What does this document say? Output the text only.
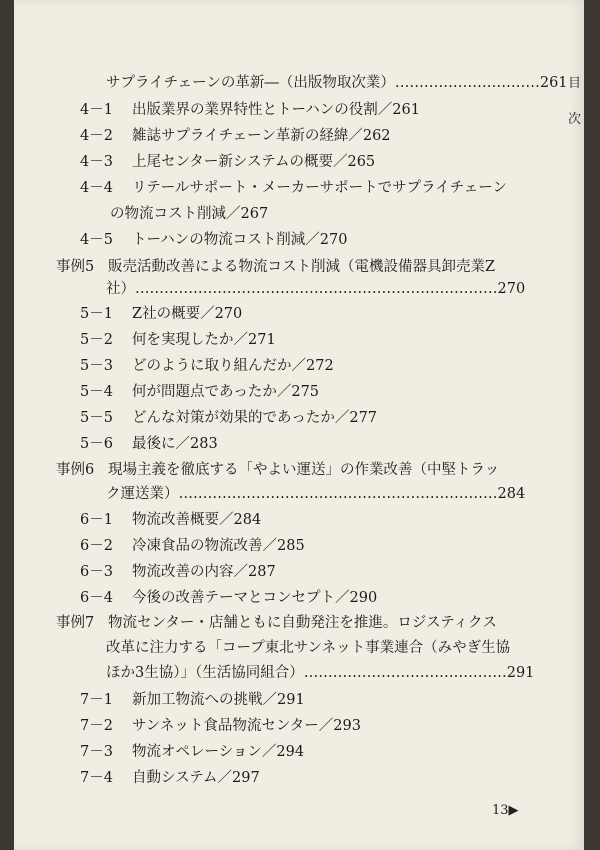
目
次
サプライチェーンの革新―（出版物取次業）…………………………261
4－1 出版業界の業界特性とトーハンの役割／261
4－2 雑誌サプライチェーン革新の経緯／262
4－3 上尾センター新システムの概要／265
4－4 リテールサポート・メーカーサポートでサプライチェーン
の物流コスト削減／267
4－5 トーハンの物流コスト削減／270
事例5 販売活動改善による物流コスト削減（電機設備器具卸売業Z
社）…………………………………………………………………270
5－1 Z社の概要／270
5－2 何を実現したか／271
5－3 どのように取り組んだか／272
5－4 何が問題点であったか／275
5－5 どんな対策が効果的であったか／277
5－6 最後に／283
事例6 現場主義を徹底する「やよい運送」の作業改善（中堅トラッ
ク運送業）…………………………………………………………284
6－1 物流改善概要／284
6－2 冷凍食品の物流改善／285
6－3 物流改善の内容／287
6－4 今後の改善テーマとコンセプト／290
事例7 物流センター・店舗ともに自動発注を推進。ロジスティクス
改革に注力する「コープ東北サンネット事業連合（みやぎ生協
ほか3生協）」（生活協同組合）……………………………………291
7－1 新加工物流への挑戦／291
7－2 サンネット食品物流センター／293
7－3 物流オペレーション／294
7－4 自動システム／297
13▶
